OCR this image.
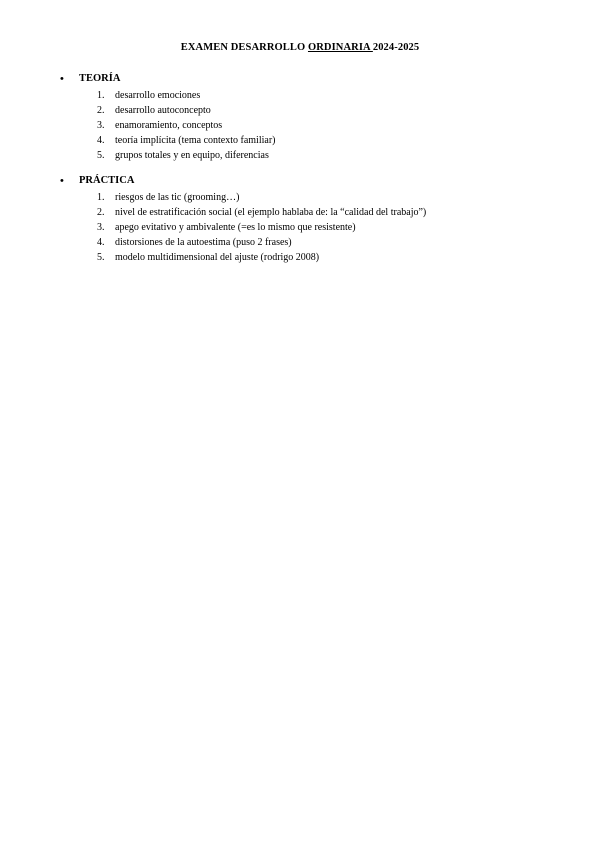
EXAMEN DESARROLLO ORDINARIA 2024-2025
• TEORÍA
1. desarrollo emociones
2. desarrollo autoconcepto
3. enamoramiento, conceptos
4. teoría implícita (tema contexto familiar)
5. grupos totales y en equipo, diferencias
• PRÁCTICA
1. riesgos de las tic (grooming…)
2. nivel de estratificación social (el ejemplo hablaba de: la “calidad del trabajo”)
3. apego evitativo y ambivalente (=es lo mismo que resistente)
4. distorsiones de la autoestima (puso 2 frases)
5. modelo multidimensional del ajuste (rodrigo 2008)
